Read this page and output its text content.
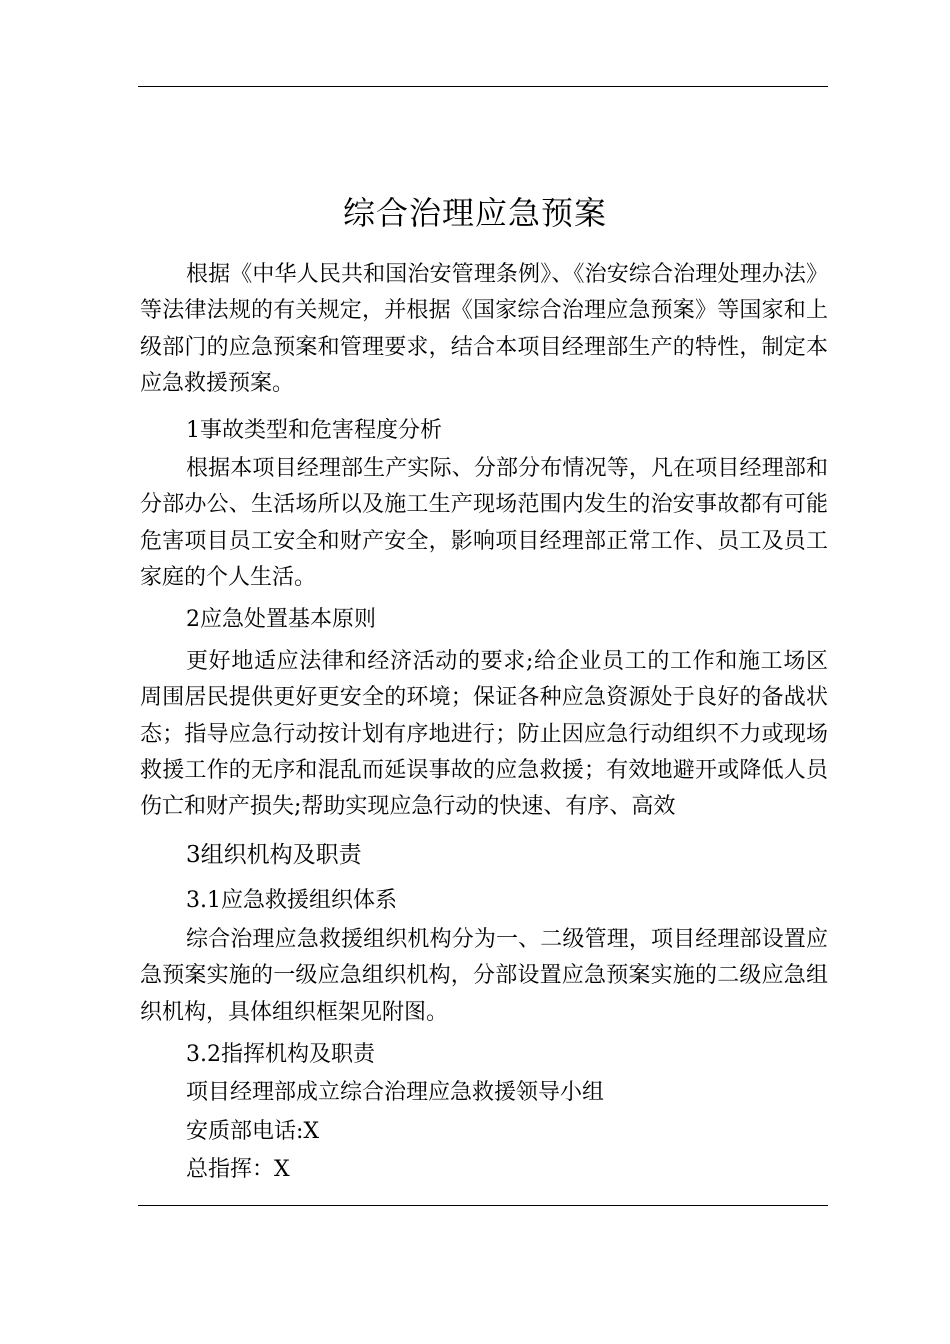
综合治理应急预案

根据《中华人民共和国治安管理条例》、《治安综合治理处理办法》等法律法规的有关规定，并根据《国家综合治理应急预案》等国家和上级部门的应急预案和管理要求，结合本项目经理部生产的特性，制定本应急救援预案。

1事故类型和危害程度分析

根据本项目经理部生产实际、分部分布情况等，凡在项目经理部和分部办公、生活场所以及施工生产现场范围内发生的治安事故都有可能危害项目员工安全和财产安全，影响项目经理部正常工作、员工及员工家庭的个人生活。

2应急处置基本原则

更好地适应法律和经济活动的要求;给企业员工的工作和施工场区周围居民提供更好更安全的环境；保证各种应急资源处于良好的备战状态；指导应急行动按计划有序地进行；防止因应急行动组织不力或现场救援工作的无序和混乱而延误事故的应急救援；有效地避开或降低人员伤亡和财产损失;帮助实现应急行动的快速、有序、高效

3组织机构及职责

3.1应急救援组织体系

综合治理应急救援组织机构分为一、二级管理，项目经理部设置应急预案实施的一级应急组织机构，分部设置应急预案实施的二级应急组织机构，具体组织框架见附图。

3.2指挥机构及职责

项目经理部成立综合治理应急救援领导小组

安质部电话:X

总指挥：X
